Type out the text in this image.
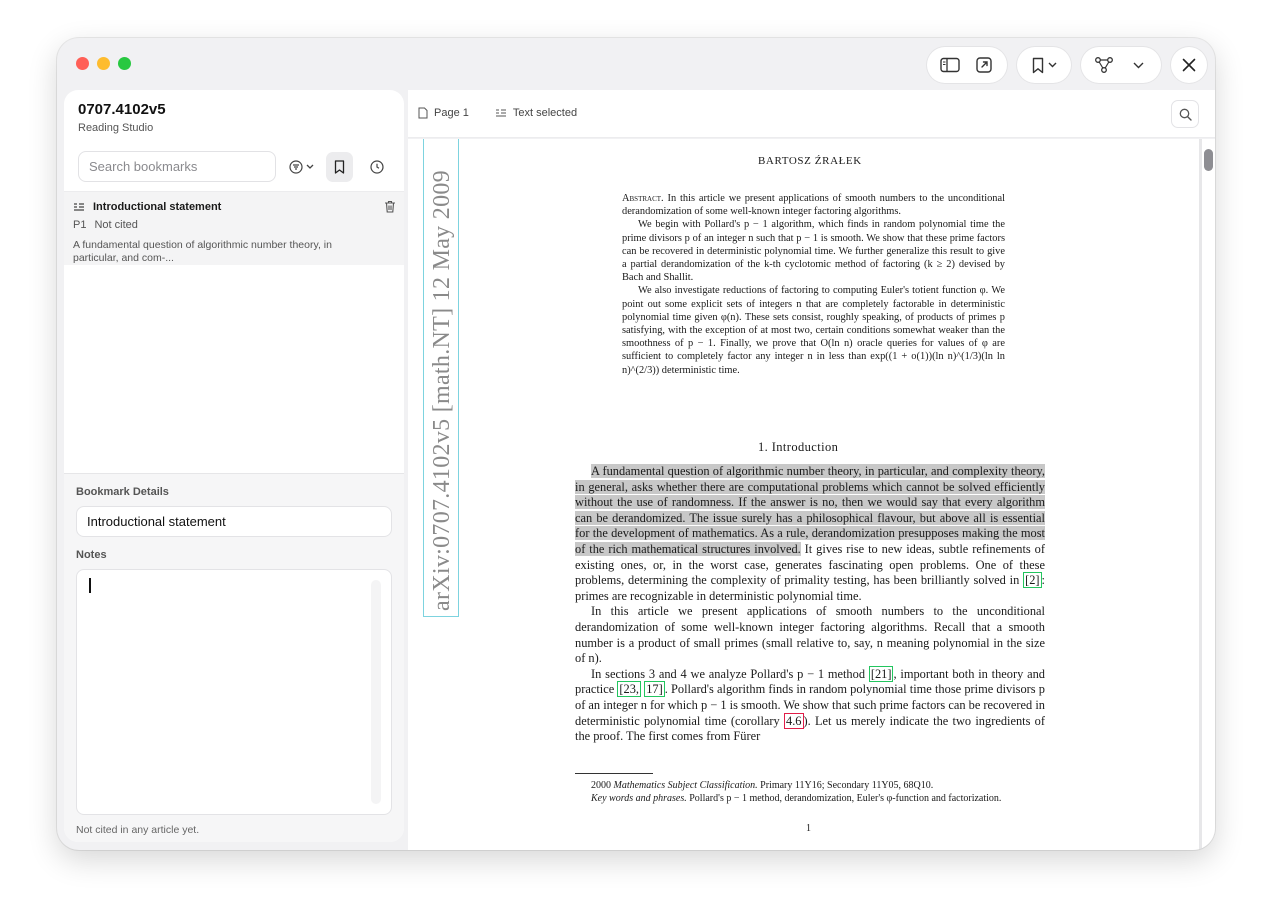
0707.4102v5
Reading Studio
Search bookmarks
Introductional statement
P1 Not cited
A fundamental question of algorithmic number theory, in particular, and com-...
Bookmark Details
Introductional statement
Notes
Not cited in any article yet.
Page 1	Text selected
arXiv:0707.4102v5 [math.NT] 12 May 2009
BARTOSZ ŹRAŁEK

Abstract. In this article we present applications of smooth numbers to the unconditional derandomization of some well-known integer factoring algorithms.

We begin with Pollard's p − 1 algorithm, which finds in random polynomial time the prime divisors p of an integer n such that p − 1 is smooth. We show that these prime factors can be recovered in deterministic polynomial time. We further generalize this result to give a partial derandomization of the k-th cyclotomic method of factoring (k ≥ 2) devised by Bach and Shallit.

We also investigate reductions of factoring to computing Euler's totient function φ. We point out some explicit sets of integers n that are completely factorable in deterministic polynomial time given φ(n). These sets consist, roughly speaking, of products of primes p satisfying, with the exception of at most two, certain conditions somewhat weaker than the smoothness of p − 1. Finally, we prove that O(ln n) oracle queries for values of φ are sufficient to completely factor any integer n in less than exp((1 + o(1))(ln n)^(1/3)(ln ln n)^(2/3)) deterministic time.

1. Introduction

A fundamental question of algorithmic number theory, in particular, and complexity theory, in general, asks whether there are computational problems which cannot be solved efficiently without the use of randomness. If the answer is no, then we would say that every algorithm can be derandomized. The issue surely has a philosophical flavour, but above all is essential for the development of mathematics. As a rule, derandomization presupposes making the most of the rich mathematical structures involved. It gives rise to new ideas, subtle refinements of existing ones, or, in the worst case, generates fascinating open problems. One of these problems, determining the complexity of primality testing, has been brilliantly solved in [2] : primes are recognizable in deterministic polynomial time.

In this article we present applications of smooth numbers to the unconditional derandomization of some well-known integer factoring algorithms. Recall that a smooth number is a product of small primes (small relative to, say, n meaning polynomial in the size of n).

In sections 3 and 4 we analyze Pollard's p − 1 method [21] , important both in theory and practice [23, 17] . Pollard's algorithm finds in random polynomial time those prime divisors p of an integer n for which p − 1 is smooth. We show that such prime factors can be recovered in deterministic polynomial time (corollary 4.6 ). Let us merely indicate the two ingredients of the proof. The first comes from Fürer

2000 Mathematics Subject Classification. Primary 11Y16; Secondary 11Y05, 68Q10.

Key words and phrases. Pollard's p − 1 method, derandomization, Euler's φ-function and factorization.

1
